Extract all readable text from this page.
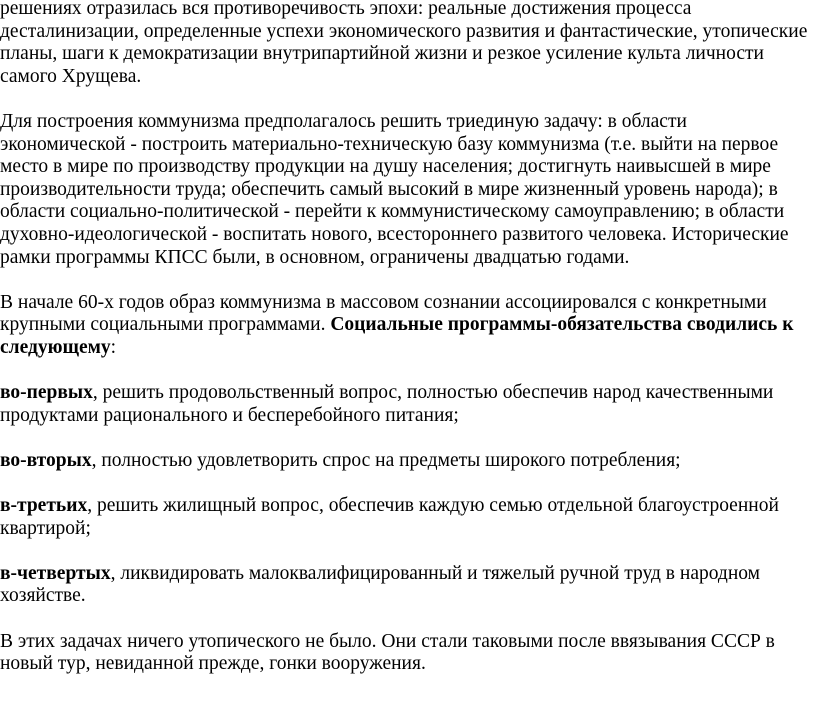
решениях отразилась вся противоречивость эпохи: реальные достижения процесса десталинизации, определенные успехи экономического развития и фантастические, утопические планы, шаги к демократизации внутрипартийной жизни и резкое усиление культа личности самого Хрущева.

Для построения коммунизма предполагалось решить триединую задачу: в области экономической - построить материально-техническую базу коммунизма (т.е. выйти на первое место в мире по производству продукции на душу населения; достигнуть наивысшей в мире производительности труда; обеспечить самый высокий в мире жизненный уровень народа); в области социально-политической - перейти к коммунистическому самоуправлению; в области духовно-идеологической - воспитать нового, всестороннего развитого человека. Исторические рамки программы КПСС были, в основном, ограничены двадцатью годами.

В начале 60-х годов образ коммунизма в массовом сознании ассоциировался с конкретными крупными социальными программами. Социальные программы-обязательства сводились к следующему:

во-первых, решить продовольственный вопрос, полностью обеспечив народ качественными продуктами рационального и бесперебойного питания;

во-вторых, полностью удовлетворить спрос на предметы широкого потребления;

в-третьих, решить жилищный вопрос, обеспечив каждую семью отдельной благоустроенной квартирой;

в-четвертых, ликвидировать малоквалифицированный и тяжелый ручной труд в народном хозяйстве.

В этих задачах ничего утопического не было. Они стали таковыми после ввязывания СССР в новый тур, невиданной прежде, гонки вооружения.
